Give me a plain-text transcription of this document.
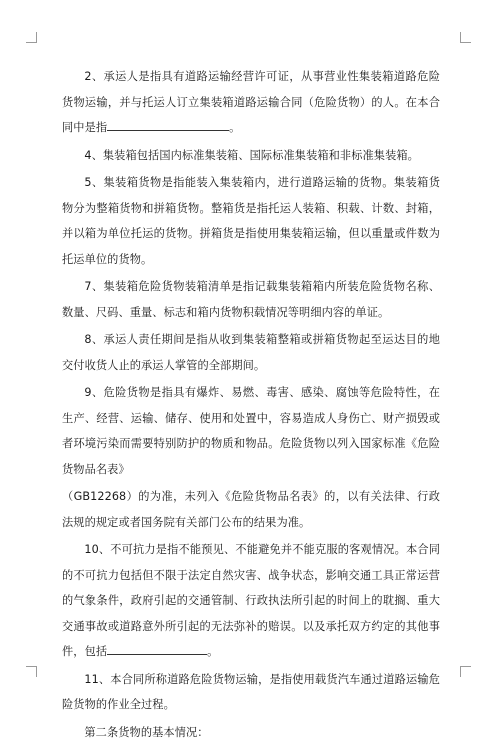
2、承运人是指具有道路运输经营许可证，从事营业性集装箱道路危险货物运输，并与托运人订立集装箱道路运输合同（危险货物）的人。在本合同中是指	。

4、集装箱包括国内标准集装箱、国际标准集装箱和非标准集装箱。

5、集装箱货物是指能装入集装箱内，进行道路运输的货物。集装箱货物分为整箱货物和拼箱货物。整箱货是指托运人装箱、积载、计数、封箱，并以箱为单位托运的货物。拼箱货是指使用集装箱运输，但以重量或件数为托运单位的货物。

7、集装箱危险货物装箱清单是指记载集装箱箱内所装危险货物名称、数量、尺码、重量、标志和箱内货物积载情况等明细内容的单证。

8、承运人责任期间是指从收到集装箱整箱或拼箱货物起至运达目的地交付收货人止的承运人掌管的全部期间。

9、危险货物是指具有爆炸、易燃、毒害、感染、腐蚀等危险特性，在生产、经营、运输、储存、使用和处置中，容易造成人身伤亡、财产损毁或者环境污染而需要特别防护的物质和物品。危险货物以列入国家标准《危险货物品名表》

（GB12268）的为准，未列入《危险货物品名表》的，以有关法律、行政法规的规定或者国务院有关部门公布的结果为准。

10、不可抗力是指不能预见、不能避免并不能克服的客观情况。本合同的不可抗力包括但不限于法定自然灾害、战争状态，影响交通工具正常运营的气象条件，政府引起的交通管制、行政执法所引起的时间上的耽搁、重大交通事故或道路意外所引起的无法弥补的赔误。以及承托双方约定的其他事件，包括	。

11、本合同所称道路危险货物运输，是指使用载货汽车通过道路运输危险货物的作业全过程。

第二条货物的基本情况：
